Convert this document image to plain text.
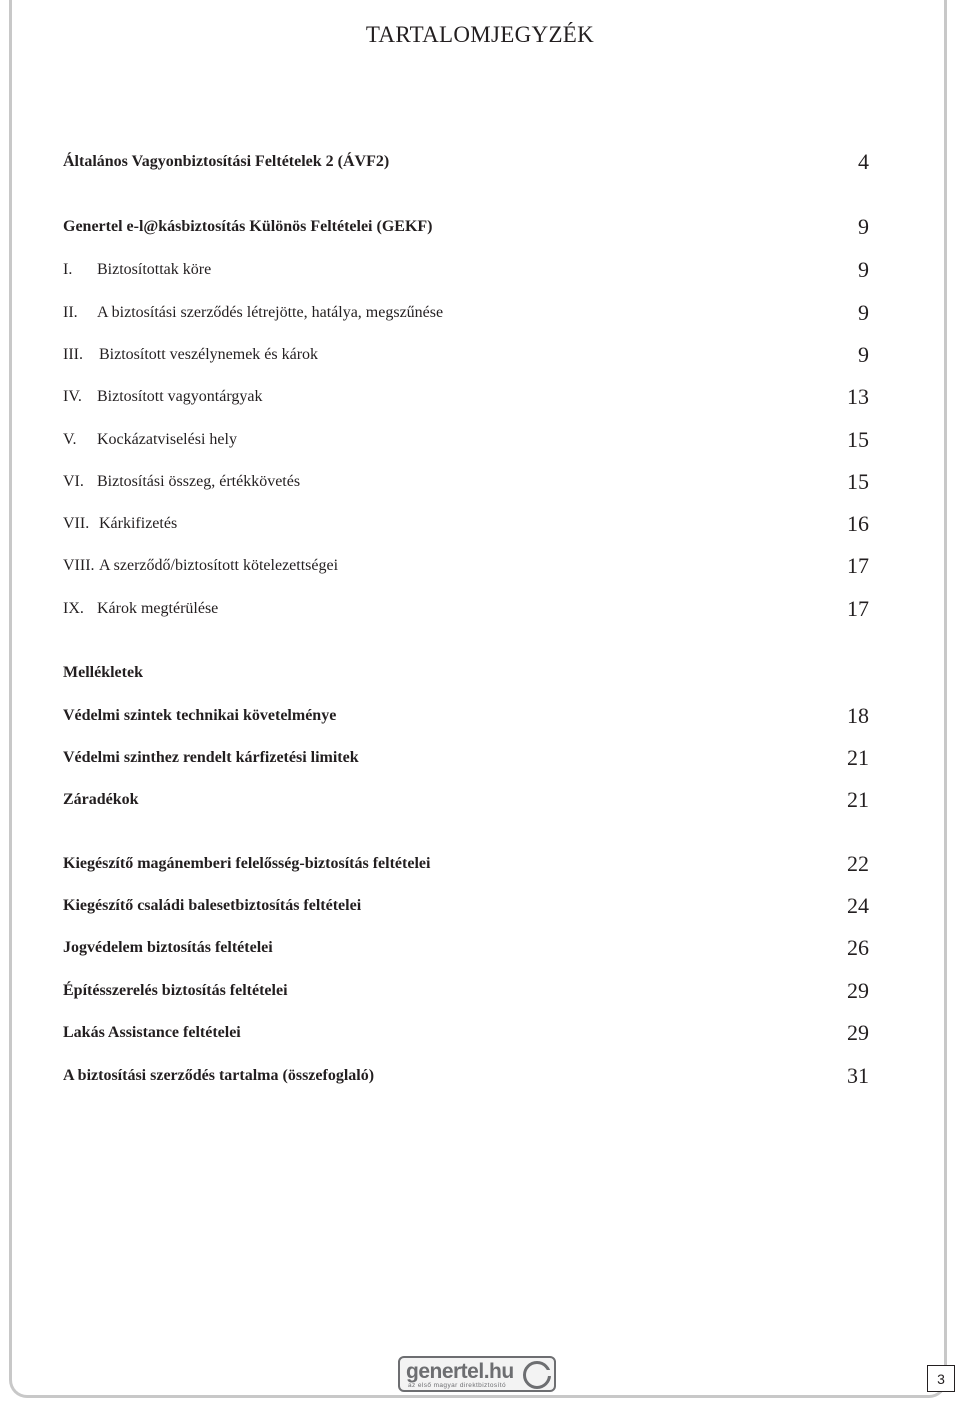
TARTALOMJEGYZÉK
Általános Vagyonbiztosítási Feltételek 2 (ÁVF2)	4
Genertel e-l@kásbiztosítás Különös Feltételei (GEKF)	9
I. Biztosítottak köre	9
II. A biztosítási szerződés létrejötte, hatálya, megszűnése	9
III. Biztosított veszélynemek és károk	9
IV. Biztosított vagyontárgyak	13
V. Kockázatviselési hely	15
VI. Biztosítási összeg, értékkövetés	15
VII. Kárkifizetés	16
VIII. A szerződő/biztosított kötelezettségei	17
IX. Károk megtérülése	17
Mellékletek
Védelmi szintek technikai követelménye	18
Védelmi szinthez rendelt kárfizetési limitek	21
Záradékok	21
Kiegészítő magánemberi felelősség-biztosítás feltételei	22
Kiegészítő családi balesetbiztosítás feltételei	24
Jogvédelem biztosítás feltételei	26
Építésszerelés biztosítás feltételei	29
Lakás Assistance feltételei	29
A biztosítási szerződés tartalma (összefoglaló)	31
genertel.hu
az első magyar direktbiztosító	3
